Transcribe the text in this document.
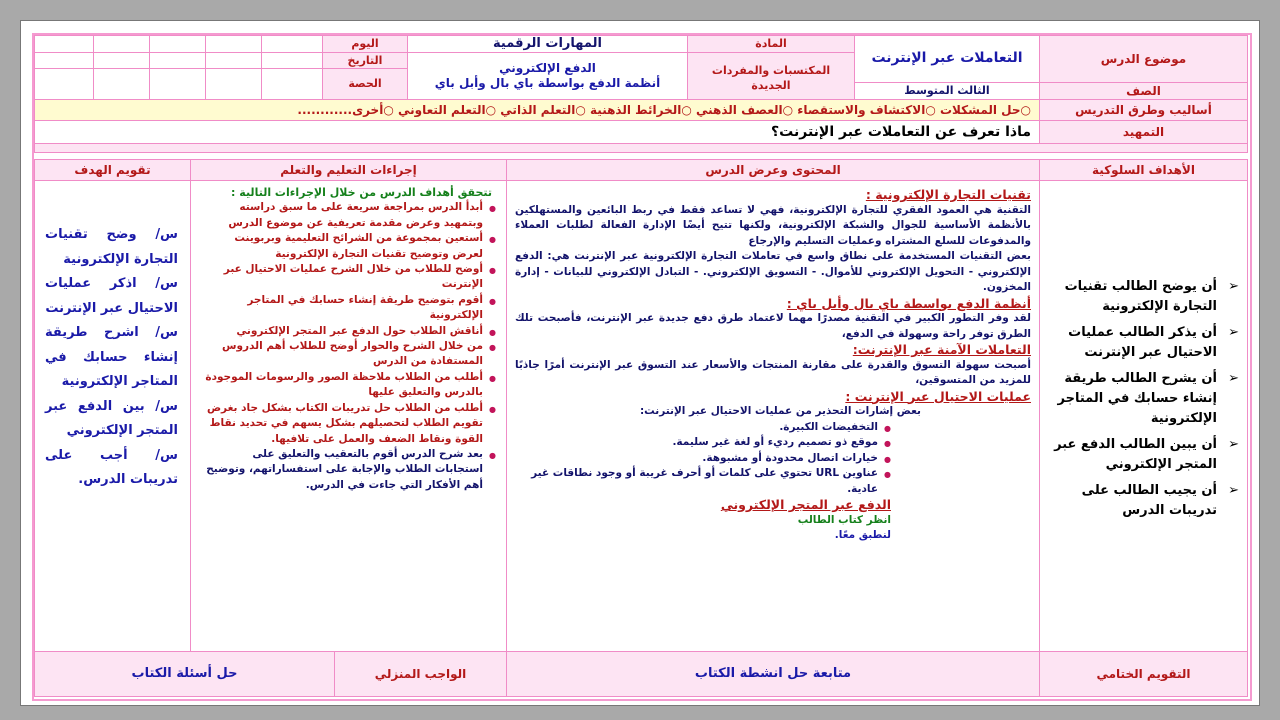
موضوع الدرس
التعاملات عبر الإنترنت
المادة
المهارات الرقمية
اليوم
المكتسبات والمفردات
الجديدة
الدفع الإلكتروني
أنظمة الدفع بواسطة باي بال وأبل باي
التاريخ
الحصة
الصف
الثالث المتوسط
أساليب وطرق التدريس
○حل المشكلات ○الاكتشاف والاستقصاء ○العصف الذهني ○الخرائط الذهنية ○التعلم الذاتي ○التعلم التعاوني ○أخرى............
التمهيد
ماذا تعرف عن التعاملات عبر الإنترنت؟
الأهداف السلوكية
المحتوى وعرض الدرس
إجراءات التعليم والتعلم
تقويم الهدف

➢ أن يوضح الطالب تقنيات التجارة الإلكترونية

➢ أن يذكر الطالب عمليات الاحتيال عبر الإنترنت

➢ أن يشرح الطالب طريقة إنشاء حسابك في المتاجر الإلكترونية

➢ أن يبين الطالب الدفع عبر المتجر الإلكتروني

➢ أن يجيب الطالب على تدريبات الدرس

تقنيات التجارة الإلكترونية :

التقنية هي العمود الفقري للتجارة الإلكترونية، فهي لا تساعد فقط في ربط البائعين والمستهلكين بالأنظمة الأساسية للجوال والشبكة الإلكترونية، ولكنها تتيح أيضًا الإدارة الفعالة لطلبات العملاء والمدفوعات للسلع المشتراه وعمليات التسليم والإرجاع

بعض التقنيات المستخدمة على نطاق واسع في تعاملات التجارة الإلكترونية عبر الإنترنت هي: الدفع الإلكتروني - التحويل الإلكتروني للأموال. - التسويق الإلكتروني. - التبادل الإلكتروني للبيانات - إدارة المخزون.

أنظمة الدفع بواسطة باي بال وأبل باي :

لقد وفر التطور الكبير في التقنية مصدرًا مهما لاعتماد طرق دفع جديدة عبر الإنترنت، فأصبحت تلك الطرق توفر راحة وسهولة في الدفع،

التعاملات الآمنة عبر الإنترنت:

أصبحت سهولة التسوق والقدرة على مقارنة المنتجات والأسعار عند التسوق عبر الإنترنت أمرًا جاذبًا للمزيد من المتسوقين،

عمليات الاحتيال عبر الإنترنت :

بعض إشارات التحذير من عمليات الاحتيال عبر الإنترنت:

● التخفيضات الكبيرة.

● موقع ذو تصميم رديء أو لغة غير سليمة.

● خيارات اتصال محدودة أو مشبوهة.

● عناوين URL تحتوي على كلمات أو أحرف غريبة أو وجود نطاقات غير عادية.

الدفع عبر المتجر الإلكتروني

انظر كتاب الطالب

لنطبق معًا.

تتحقق أهداف الدرس من خلال الإجراءات التالية :

● أبدأ الدرس بمراجعة سريعة على ما سبق دراسته وبتمهيد وعرض مقدمة تعريفية عن موضوع الدرس

● أستعين بمجموعة من الشرائح التعليمية وبربوينت لعرض وتوضيح تقنيات التجارة الإلكترونية

● أوضح للطلاب من خلال الشرح عمليات الاحتيال عبر الإنترنت

● أقوم بتوضيح طريقة إنشاء حسابك في المتاجر الإلكترونية

● أناقش الطلاب حول الدفع عبر المتجر الإلكتروني

● من خلال الشرح والحوار أوضح للطلاب أهم الدروس المستفادة من الدرس

● أطلب من الطلاب ملاحظة الصور والرسومات الموجودة بالدرس والتعليق عليها

● أطلب من الطلاب حل تدريبات الكتاب بشكل جاد بغرض تقويم الطلاب لتحصيلهم بشكل يسهم في تحديد نقاط القوة ونقاط الضعف والعمل على تلافيها.

● بعد شرح الدرس أقوم بالتعقيب والتعليق على استجابات الطلاب والإجابة على استفساراتهم، وتوضيح أهم الأفكار التي جاءت في الدرس.

س/ وضح تقنيات التجارة الإلكترونية

س/ اذكر عمليات الاحتيال عبر الإنترنت

س/ اشرح طريقة إنشاء حسابك في المتاجر الإلكترونية

س/ بين الدفع عبر المتجر الإلكتروني

س/ أجب على تدريبات الدرس.

التقويم الختامي
متابعة حل انشطة الكتاب
الواجب المنزلي
حل أسئلة الكتاب
